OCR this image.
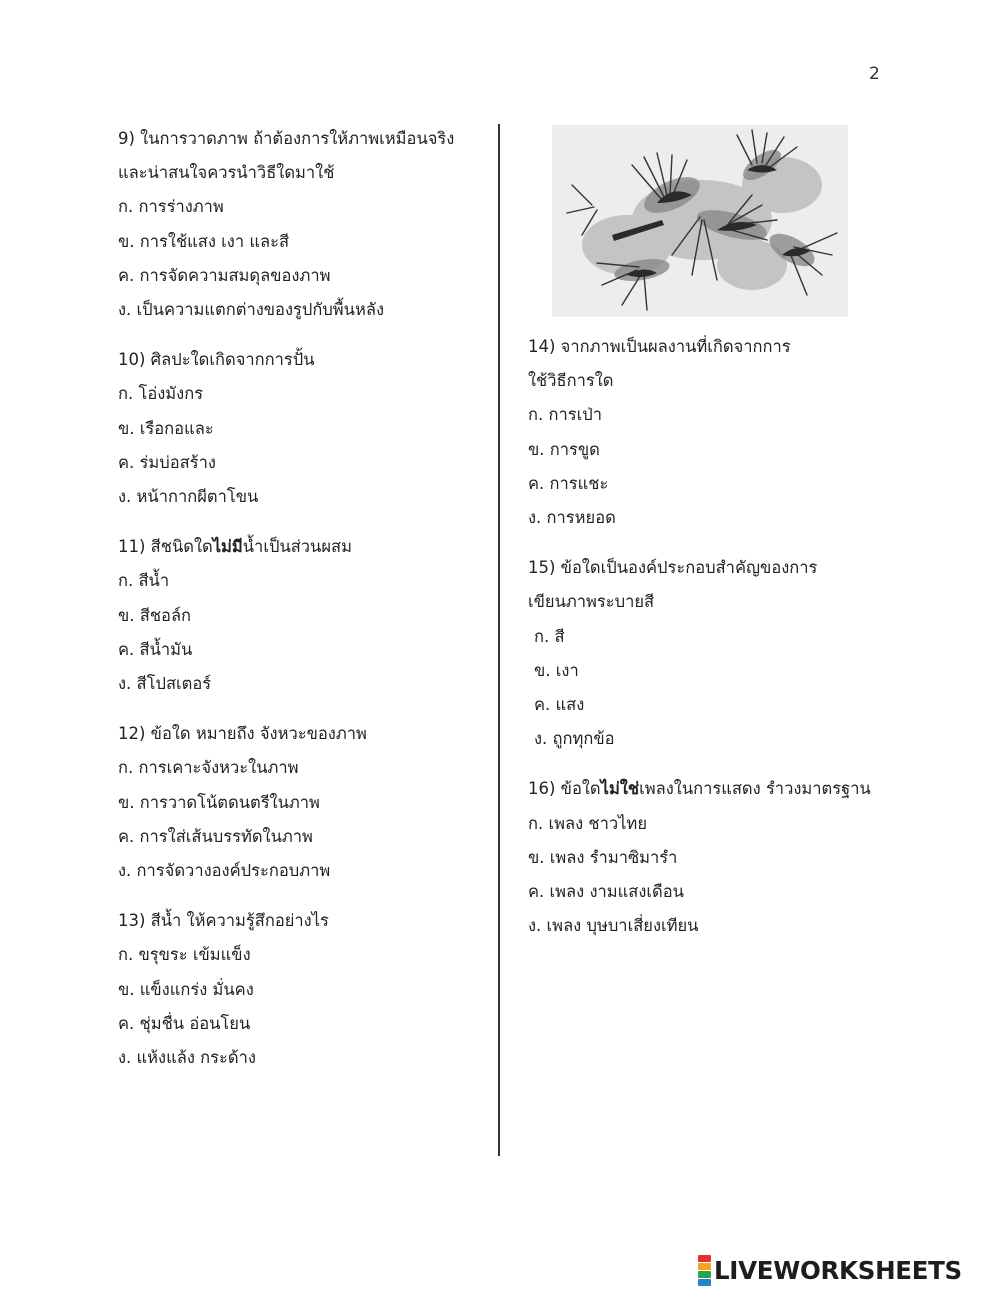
2
9) ในการวาดภาพ ถ้าต้องการให้ภาพเหมือนจริง
และน่าสนใจควรนำวิธีใดมาใช้
ก. การร่างภาพ
ข. การใช้แสง เงา และสี
ค. การจัดความสมดุลของภาพ
ง. เป็นความแตกต่างของรูปกับพื้นหลัง
10) ศิลปะใดเกิดจากการปั้น
ก. โอ่งมังกร
ข. เรือกอและ
ค. ร่มบ่อสร้าง
ง. หน้ากากผีตาโขน
11) สีชนิดใดไม่มีน้ำเป็นส่วนผสม
ก. สีน้ำ
ข. สีชอล์ก
ค. สีน้ำมัน
ง. สีโปสเตอร์
12) ข้อใด หมายถึง จังหวะของภาพ
ก. การเคาะจังหวะในภาพ
ข. การวาดโน้ตดนตรีในภาพ
ค. การใส่เส้นบรรทัดในภาพ
ง. การจัดวางองค์ประกอบภาพ
13) สีน้ำ ให้ความรู้สึกอย่างไร
ก. ขรุขระ เข้มแข็ง
ข. แข็งแกร่ง มั่นคง
ค. ชุ่มชื่น อ่อนโยน
ง. แห้งแล้ง กระด้าง
14) จากภาพเป็นผลงานที่เกิดจากการ
ใช้วิธีการใด
ก. การเป่า
ข. การขูด
ค. การแชะ
ง. การหยอด
15) ข้อใดเป็นองค์ประกอบสำคัญของการ
เขียนภาพระบายสี
ก. สี
ข. เงา
ค. แสง
ง. ถูกทุกข้อ
16) ข้อใดไม่ใช่เพลงในการแสดง รำวงมาตรฐาน
ก. เพลง ชาวไทย
ข. เพลง รำมาซิมารำ
ค. เพลง งามแสงเดือน
ง. เพลง บุษบาเสี่ยงเทียน
LIVEWORKSHEETS
